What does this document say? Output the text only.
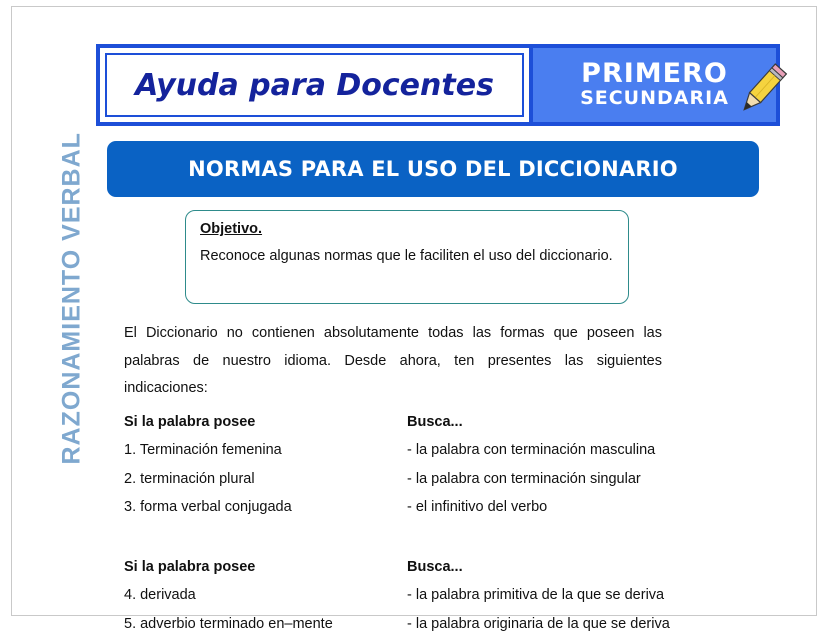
RAZONAMIENTO VERBAL
Ayuda para Docentes	PRIMERO
SECUNDARIA
NORMAS PARA EL USO DEL DICCIONARIO
Objetivo.
Reconoce algunas normas que le faciliten el uso del diccionario.
El Diccionario no contienen absolutamente todas las formas que poseen las palabras de nuestro idioma. Desde ahora, ten presentes las siguientes indicaciones:
Si la palabra posee	Busca...
1. Terminación femenina	- la palabra con terminación masculina
2. terminación plural	- la palabra con terminación singular
3. forma verbal conjugada	- el infinitivo del verbo
Si la palabra posee	Busca...
4. derivada	- la palabra primitiva de la que se deriva
5. adverbio terminado en–mente	- la palabra originaria de la que se deriva
